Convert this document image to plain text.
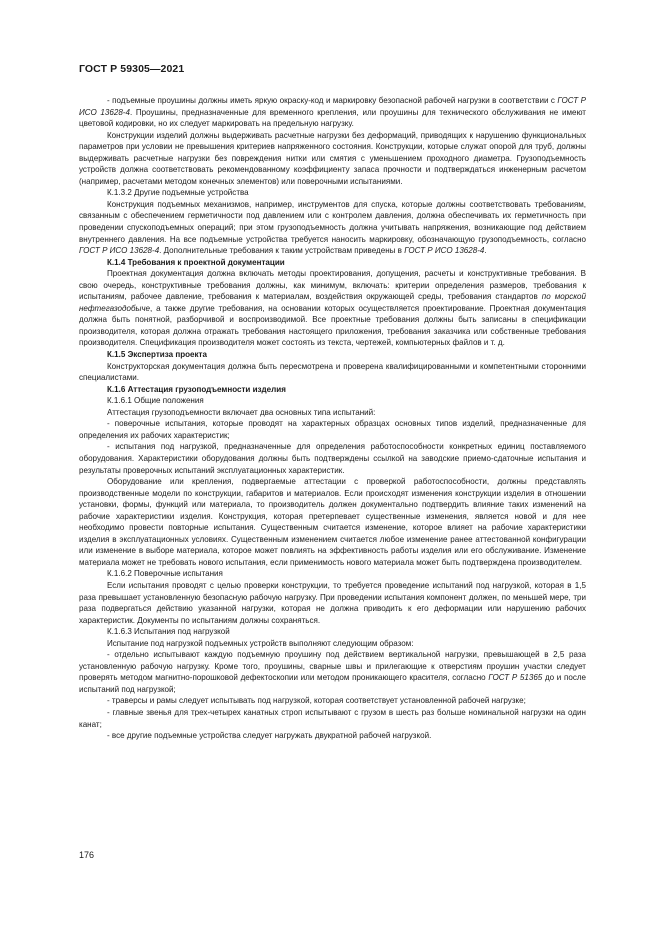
ГОСТ Р 59305—2021

- подъемные проушины должны иметь яркую окраску-код и маркировку безопасной рабочей нагрузки в соответствии с ГОСТ Р ИСО 13628-4. Проушины, предназначенные для временного крепления, или проушины для технического обслуживания не имеют цветовой кодировки, но их следует маркировать на предельную нагрузку.

Конструкции изделий должны выдерживать расчетные нагрузки без деформаций, приводящих к нарушению функциональных параметров при условии не превышения критериев напряженного состояния. Конструкции, которые служат опорой для труб, должны выдерживать расчетные нагрузки без повреждения нитки или смятия с уменьшением проходного диаметра. Грузоподъемность устройств должна соответствовать рекомендованному коэффициенту запаса прочности и подтверждаться инженерным расчетом (например, расчетами методом конечных элементов) или поверочными испытаниями.

К.1.3.2 Другие подъемные устройства

Конструкция подъемных механизмов, например, инструментов для спуска, которые должны соответствовать требованиям, связанным с обеспечением герметичности под давлением или с контролем давления, должна обеспечивать их герметичность при проведении спускоподъемных операций; при этом грузоподъемность должна учитывать напряжения, возникающие под действием внутреннего давления. На все подъемные устройства требуется наносить маркировку, обозначающую грузоподъемность, согласно ГОСТ Р ИСО 13628-4. Дополнительные требования к таким устройствам приведены в ГОСТ Р ИСО 13628-4.

К.1.4 Требования к проектной документации

Проектная документация должна включать методы проектирования, допущения, расчеты и конструктивные требования. В свою очередь, конструктивные требования должны, как минимум, включать: критерии определения размеров, требования к испытаниям, рабочее давление, требования к материалам, воздействия окружающей среды, требования стандартов по морской нефтегазодобыче, а также другие требования, на основании которых осуществляется проектирование. Проектная документация должна быть понятной, разборчивой и воспроизводимой. Все проектные требования должны быть записаны в спецификации производителя, которая должна отражать требования настоящего приложения, требования заказчика или собственные требования производителя. Спецификация производителя может состоять из текста, чертежей, компьютерных файлов и т. д.

К.1.5 Экспертиза проекта

Конструкторская документация должна быть пересмотрена и проверена квалифицированными и компетентными сторонними специалистами.

К.1.6 Аттестация грузоподъемности изделия

К.1.6.1 Общие положения

Аттестация грузоподъемности включает два основных типа испытаний:

- поверочные испытания, которые проводят на характерных образцах основных типов изделий, предназначенные для определения их рабочих характеристик;

- испытания под нагрузкой, предназначенные для определения работоспособности конкретных единиц поставляемого оборудования. Характеристики оборудования должны быть подтверждены ссылкой на заводские приемо-сдаточные испытания и результаты проверочных испытаний эксплуатационных характеристик.

Оборудование или крепления, подвергаемые аттестации с проверкой работоспособности, должны представлять производственные модели по конструкции, габаритов и материалов. Если происходят изменения конструкции изделия в отношении установки, формы, функций или материала, то производитель должен документально подтвердить влияние таких изменений на рабочие характеристики изделия. Конструкция, которая претерпевает существенные изменения, является новой и для нее необходимо провести повторные испытания. Существенным считается изменение, которое влияет на рабочие характеристики изделия в эксплуатационных условиях. Существенным изменением считается любое изменение ранее аттестованной конфигурации или изменение в выборе материала, которое может повлиять на эффективность работы изделия или его обслуживание. Изменение материала может не требовать нового испытания, если применимость нового материала может быть подтверждена производителем.

К.1.6.2 Поверочные испытания

Если испытания проводят с целью проверки конструкции, то требуется проведение испытаний под нагрузкой, которая в 1,5 раза превышает установленную безопасную рабочую нагрузку. При проведении испытания компонент должен, по меньшей мере, три раза подвергаться действию указанной нагрузки, которая не должна приводить к его деформации или нарушению рабочих характеристик. Документы по испытаниям должны сохраняться.

К.1.6.3 Испытания под нагрузкой

Испытание под нагрузкой подъемных устройств выполняют следующим образом:

- отдельно испытывают каждую подъемную проушину под действием вертикальной нагрузки, превышающей в 2,5 раза установленную рабочую нагрузку. Кроме того, проушины, сварные швы и прилегающие к отверстиям проушин участки следует проверять методом магнитно-порошковой дефектоскопии или методом проникающего красителя, согласно ГОСТ Р 51365 до и после испытаний под нагрузкой;

- траверсы и рамы следует испытывать под нагрузкой, которая соответствует установленной рабочей нагрузке;

- главные звенья для трех-четырех канатных строп испытывают с грузом в шесть раз больше номинальной нагрузки на один канат;

- все другие подъемные устройства следует нагружать двукратной рабочей нагрузкой.

176
